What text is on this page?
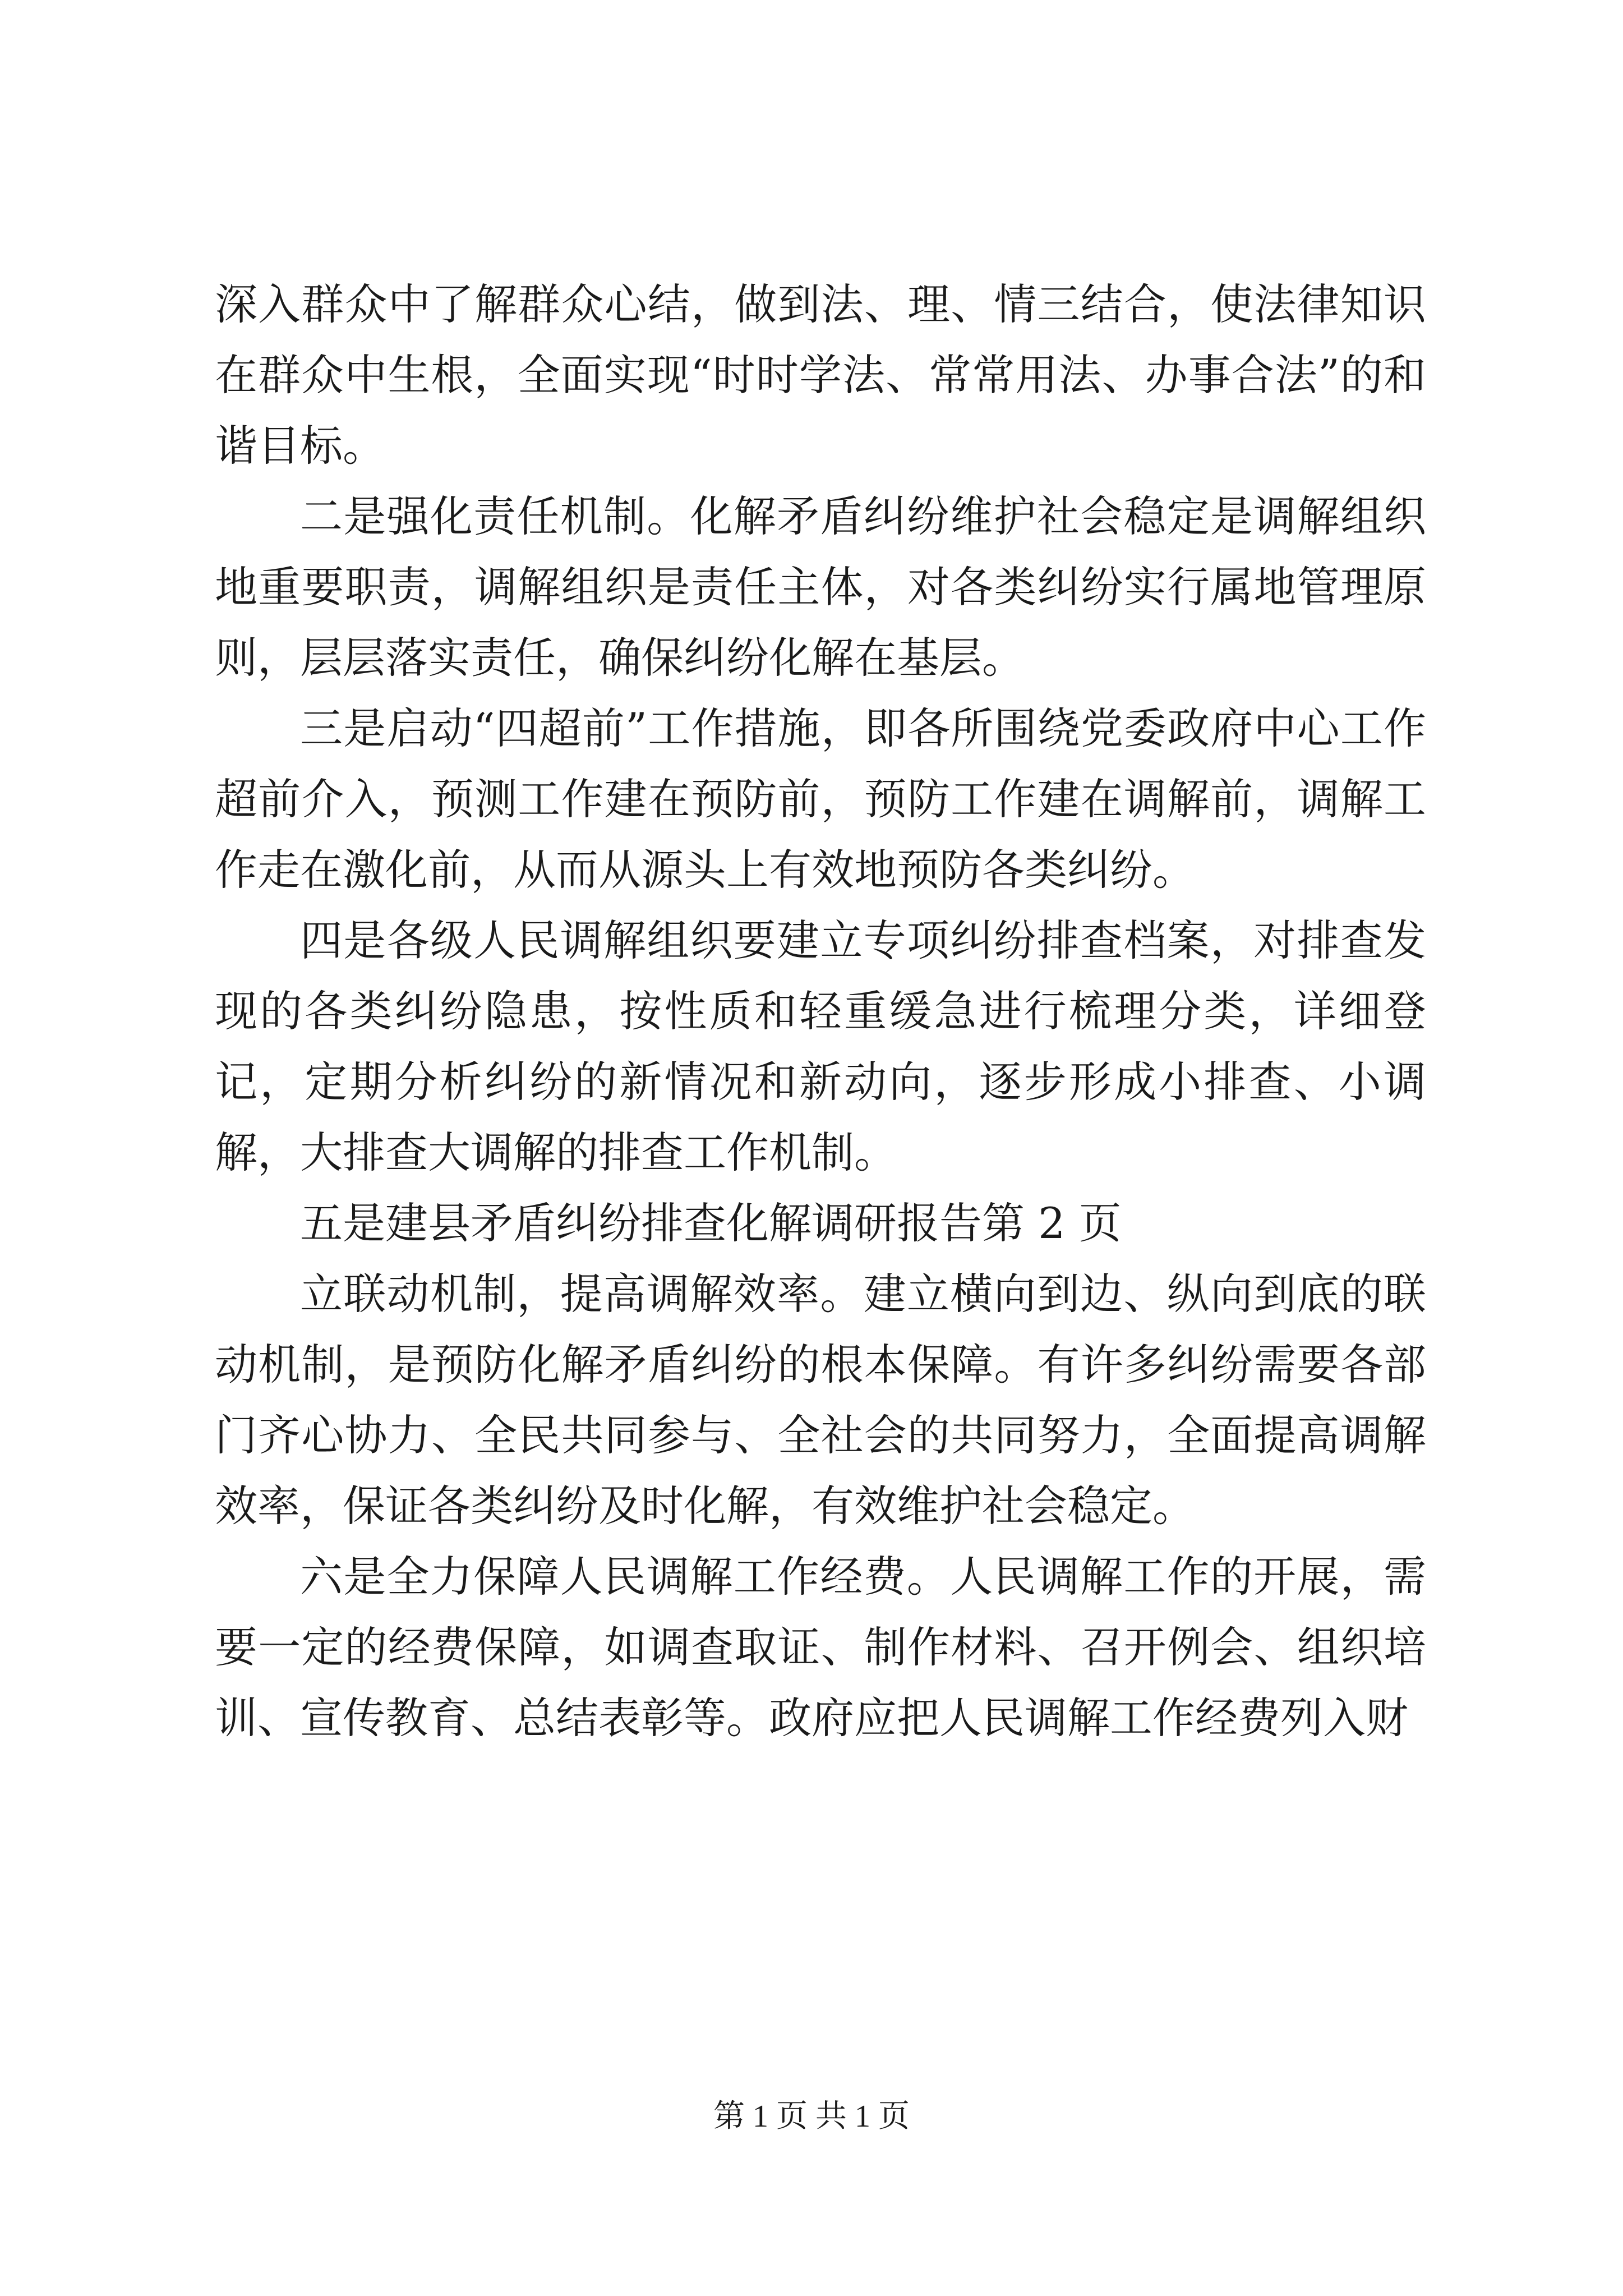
深入群众中了解群众心结，做到法、理、情三结合，使法律知识在群众中生根，全面实现“时时学法、常常用法、办事合法”的和谐目标。

二是强化责任机制。化解矛盾纠纷维护社会稳定是调解组织地重要职责，调解组织是责任主体，对各类纠纷实行属地管理原则，层层落实责任，确保纠纷化解在基层。

三是启动“四超前”工作措施，即各所围绕党委政府中心工作超前介入，预测工作建在预防前，预防工作建在调解前，调解工作走在激化前，从而从源头上有效地预防各类纠纷。

四是各级人民调解组织要建立专项纠纷排查档案，对排查发现的各类纠纷隐患，按性质和轻重缓急进行梳理分类，详细登记，定期分析纠纷的新情况和新动向，逐步形成小排查、小调解，大排查大调解的排查工作机制。

五是建县矛盾纠纷排查化解调研报告第 2 页

立联动机制，提高调解效率。建立横向到边、纵向到底的联动机制，是预防化解矛盾纠纷的根本保障。有许多纠纷需要各部门齐心协力、全民共同参与、全社会的共同努力，全面提高调解效率，保证各类纠纷及时化解，有效维护社会稳定。

六是全力保障人民调解工作经费。人民调解工作的开展，需要一定的经费保障，如调查取证、制作材料、召开例会、组织培训、宣传教育、总结表彰等。政府应把人民调解工作经费列入财

第 1 页 共 1 页
